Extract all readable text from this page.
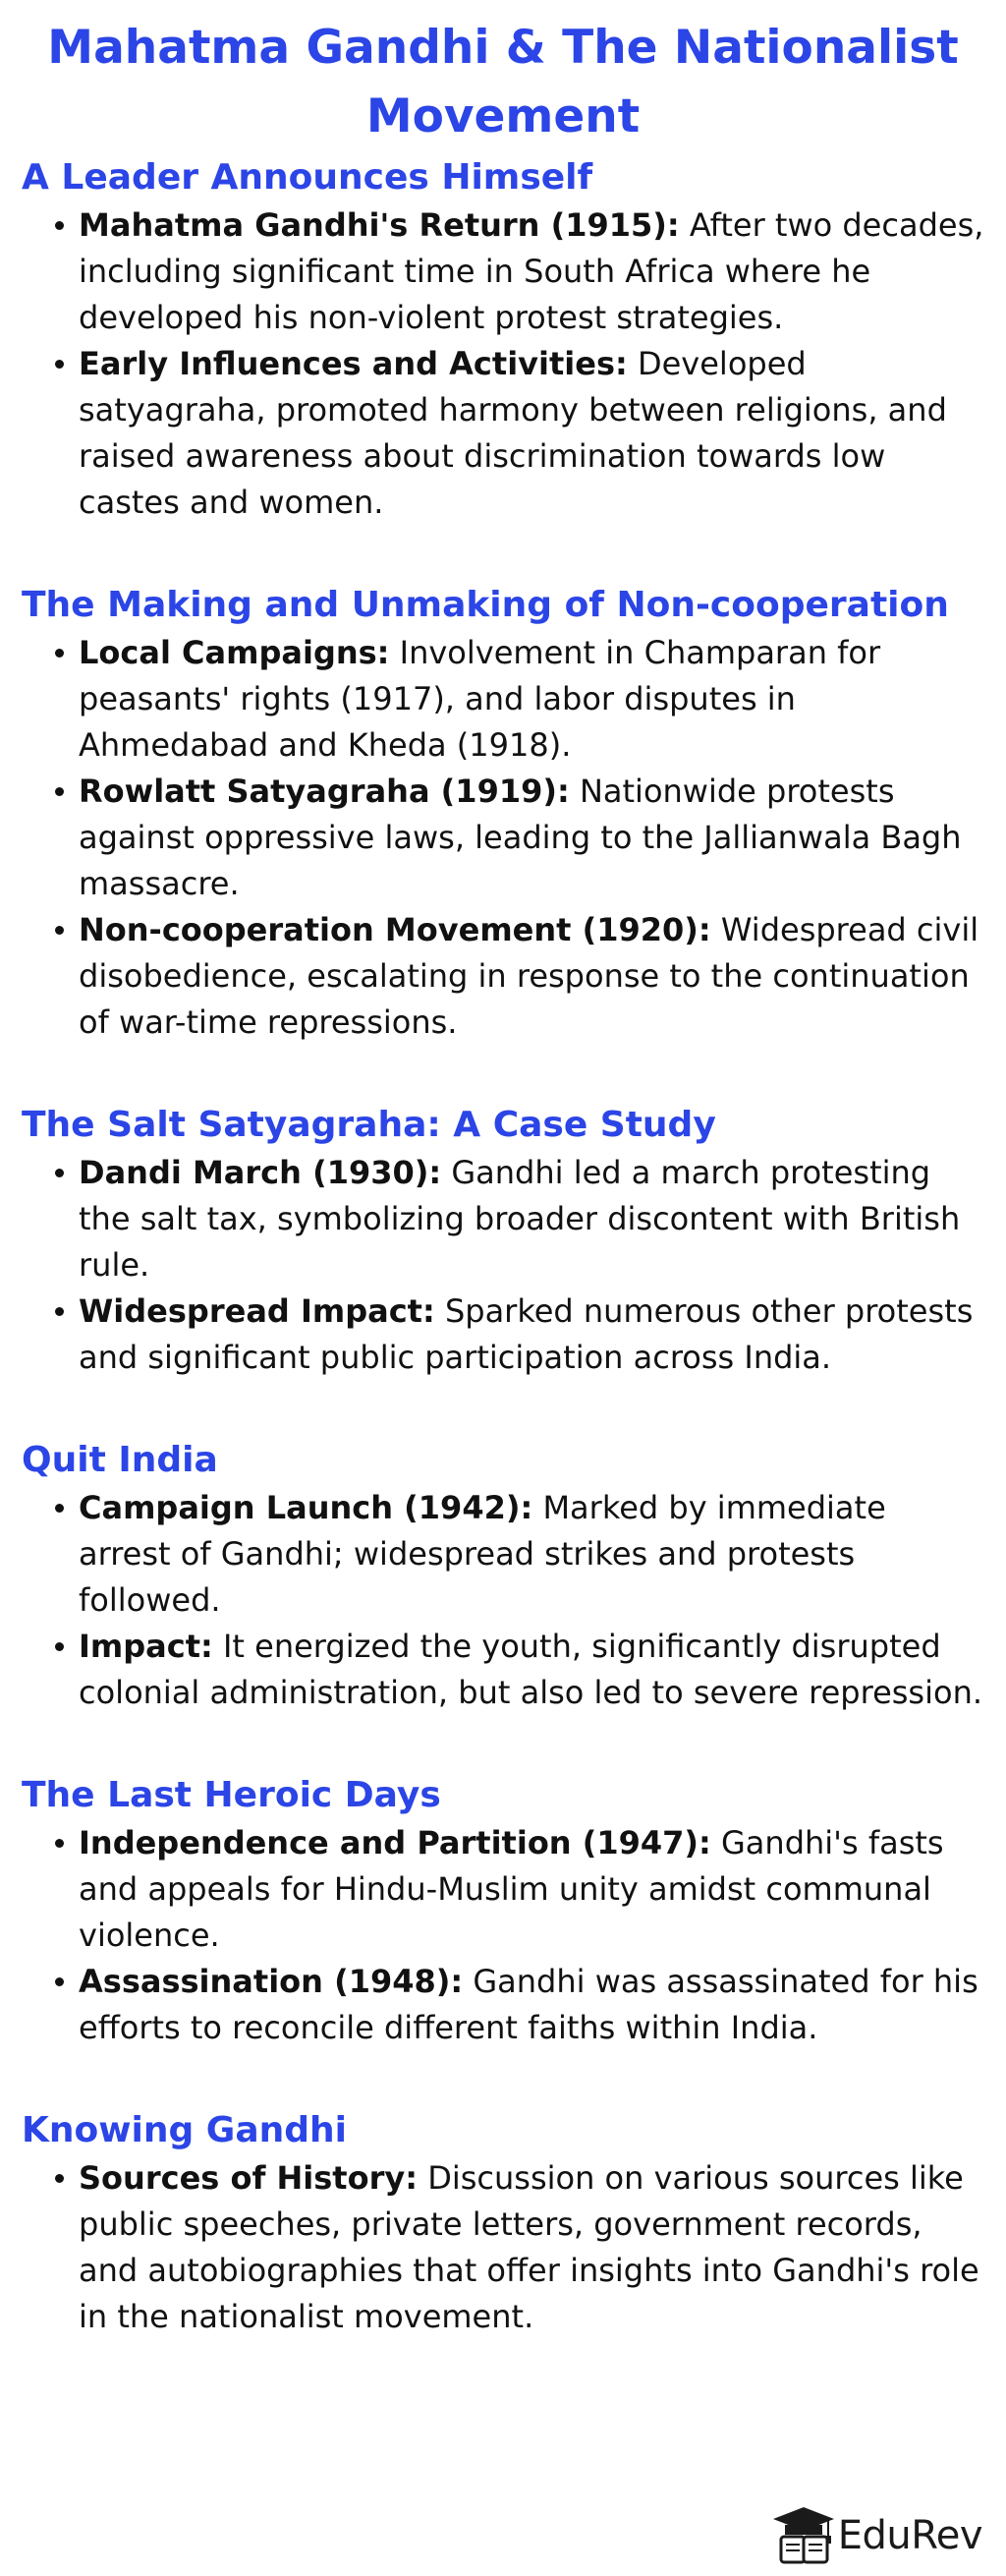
Mahatma Gandhi & The Nationalist Movement
A Leader Announces Himself
Mahatma Gandhi's Return (1915): After two decades, including significant time in South Africa where he developed his non-violent protest strategies.
Early Influences and Activities: Developed satyagraha, promoted harmony between religions, and raised awareness about discrimination towards low castes and women.
The Making and Unmaking of Non-cooperation
Local Campaigns: Involvement in Champaran for peasants' rights (1917), and labor disputes in Ahmedabad and Kheda (1918).
Rowlatt Satyagraha (1919): Nationwide protests against oppressive laws, leading to the Jallianwala Bagh massacre.
Non-cooperation Movement (1920): Widespread civil disobedience, escalating in response to the continuation of war-time repressions.
The Salt Satyagraha: A Case Study
Dandi March (1930): Gandhi led a march protesting the salt tax, symbolizing broader discontent with British rule.
Widespread Impact: Sparked numerous other protests and significant public participation across India.
Quit India
Campaign Launch (1942): Marked by immediate arrest of Gandhi; widespread strikes and protests followed.
Impact: It energized the youth, significantly disrupted colonial administration, but also led to severe repression.
The Last Heroic Days
Independence and Partition (1947): Gandhi's fasts and appeals for Hindu-Muslim unity amidst communal violence.
Assassination (1948): Gandhi was assassinated for his efforts to reconcile different faiths within India.
Knowing Gandhi
Sources of History: Discussion on various sources like public speeches, private letters, government records, and autobiographies that offer insights into Gandhi's role in the nationalist movement.
EduRev
